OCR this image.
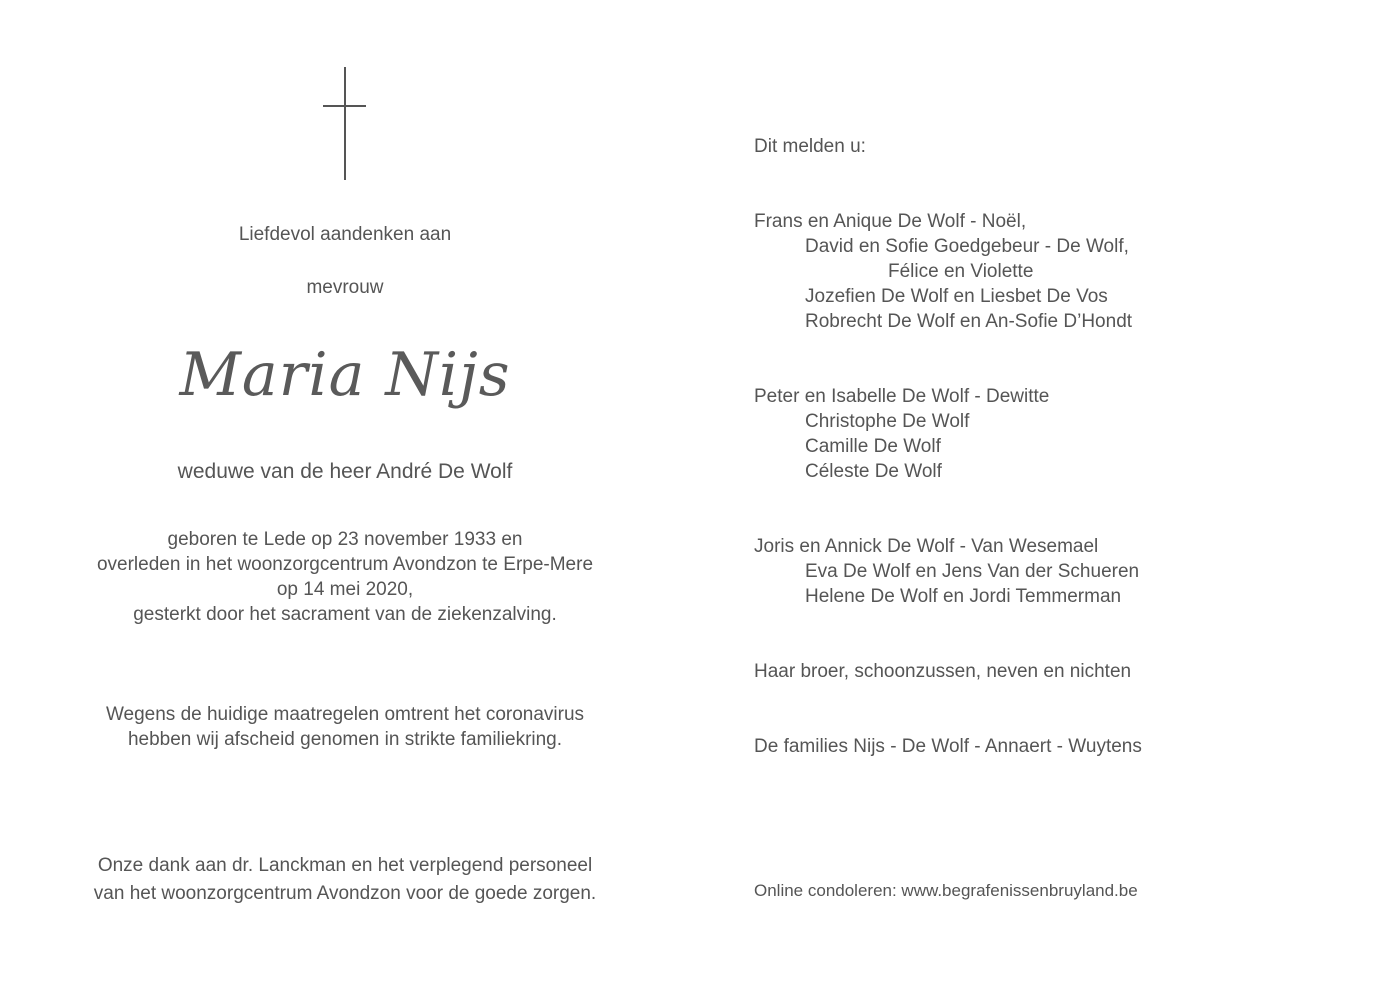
Liefdevol aandenken aan
mevrouw
Maria Nijs
weduwe van de heer André De Wolf
geboren te Lede op 23 november 1933 en
overleden in het woonzorgcentrum Avondzon te Erpe-Mere
op 14 mei 2020,
gesterkt door het sacrament van de ziekenzalving.
Wegens de huidige maatregelen omtrent het coronavirus
hebben wij afscheid genomen in strikte familiekring.
Onze dank aan dr. Lanckman en het verplegend personeel
van het woonzorgcentrum Avondzon voor de goede zorgen.
Dit melden u:
Frans en Anique De Wolf - Noël,
David en Sofie Goedgebeur - De Wolf,
Félice en Violette
Jozefien De Wolf en Liesbet De Vos
Robrecht De Wolf en An-Sofie D’Hondt
Peter en Isabelle De Wolf - Dewitte
Christophe De Wolf
Camille De Wolf
Céleste De Wolf
Joris en Annick De Wolf - Van Wesemael
Eva De Wolf en Jens Van der Schueren
Helene De Wolf en Jordi Temmerman
Haar broer, schoonzussen, neven en nichten
De families Nijs - De Wolf - Annaert - Wuytens
Online condoleren: www.begrafenissenbruyland.be
